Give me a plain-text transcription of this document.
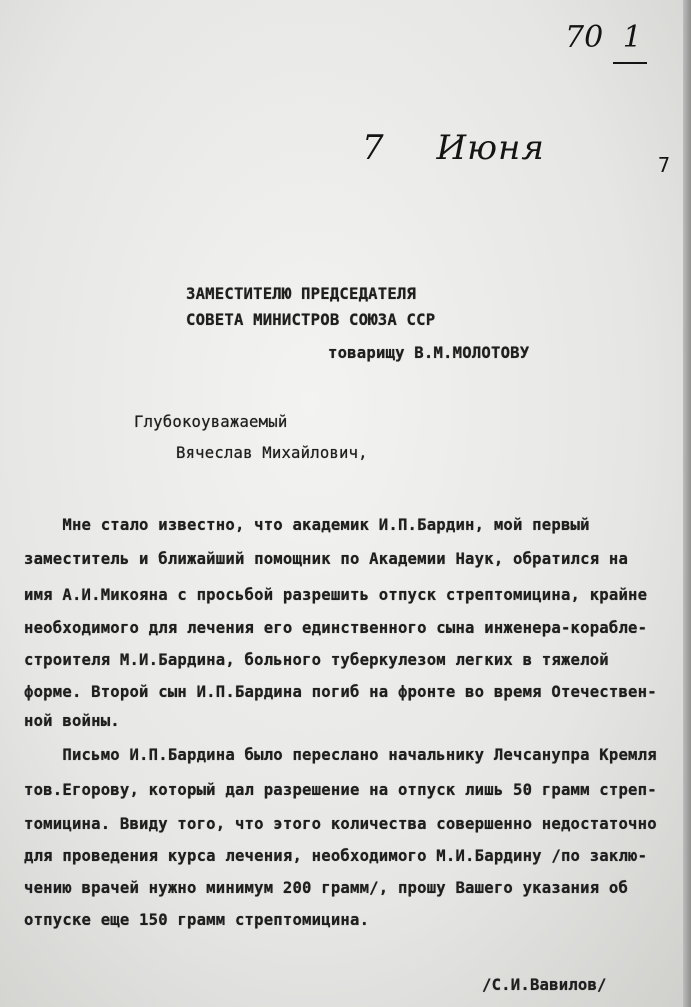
70 1
7 Июня	7
ЗАМЕСТИТЕЛЮ ПРЕДСЕДАТЕЛЯ
СОВЕТА МИНИСТРОВ СОЮЗА ССР
товарищу В.М.МОЛОТОВУ
Глубокоуважаемый
Вячеслав Михайлович,
Мне стало известно, что академик И.П.Бардин, мой первый
заместитель и ближайший помощник по Академии Наук, обратился на
имя А.И.Микояна с просьбой разрешить отпуск стрептомицина, крайне
необходимого для лечения его единственного сына инженера-корабле-
строителя М.И.Бардина, больного туберкулезом легких в тяжелой
форме. Второй сын И.П.Бардина погиб на фронте во время Отечествен-
ной войны.
Письмо И.П.Бардина было переслано начальнику Лечсанупра Кремля
тов.Егорову, который дал разрешение на отпуск лишь 50 грамм стреп-
томицина. Ввиду того, что этого количества совершенно недостаточно
для проведения курса лечения, необходимого М.И.Бардину /по заклю-
чению врачей нужно минимум 200 грамм/, прошу Вашего указания об
отпуске еще 150 грамм стрептомицина.
/С.И.Вавилов/
